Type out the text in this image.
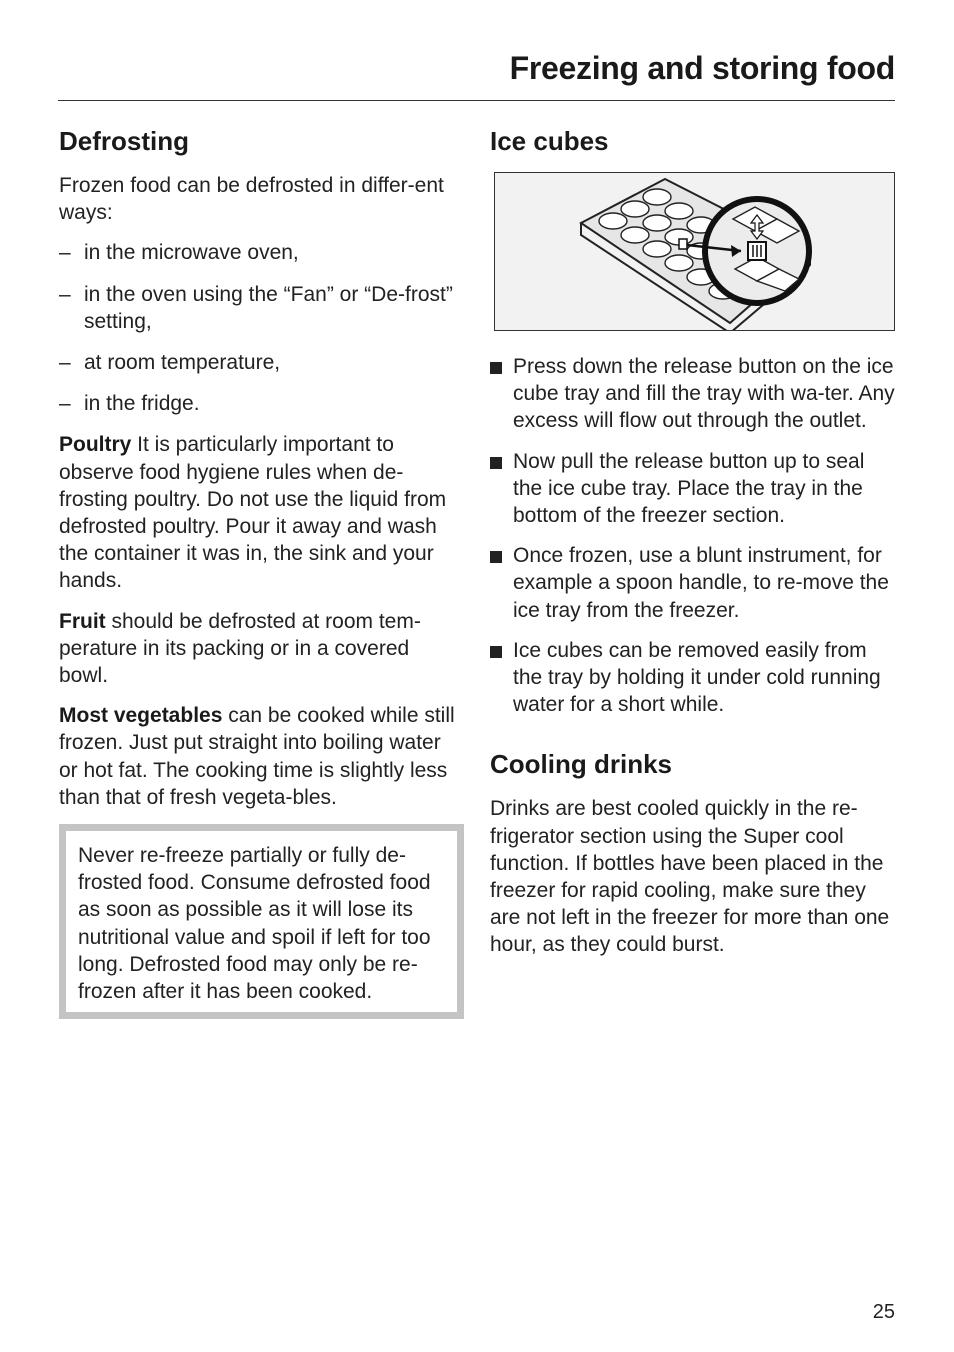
Freezing and storing food
Defrosting

Frozen food can be defrosted in differ-ent ways:

– in the microwave oven,
– in the oven using the “Fan” or “De-frost” setting,
– at room temperature,
– in the fridge.

Poultry It is particularly important to observe food hygiene rules when de-frosting poultry. Do not use the liquid from defrosted poultry. Pour it away and wash the container it was in, the sink and your hands.

Fruit should be defrosted at room tem-perature in its packing or in a covered bowl.

Most vegetables can be cooked while still frozen. Just put straight into boiling water or hot fat. The cooking time is slightly less than that of fresh vegeta-bles.

Never re-freeze partially or fully de-frosted food. Consume defrosted food as soon as possible as it will lose its nutritional value and spoil if left for too long. Defrosted food may only be re-frozen after it has been cooked.

Ice cubes
Press down the release button on the ice cube tray and fill the tray with wa-ter. Any excess will flow out through the outlet.
Now pull the release button up to seal the ice cube tray. Place the tray in the bottom of the freezer section.
Once frozen, use a blunt instrument, for example a spoon handle, to re-move the ice tray from the freezer.
Ice cubes can be removed easily from the tray by holding it under cold running water for a short while.
Cooling drinks

Drinks are best cooled quickly in the re-frigerator section using the Super cool function. If bottles have been placed in the freezer for rapid cooling, make sure they are not left in the freezer for more than one hour, as they could burst.

25
